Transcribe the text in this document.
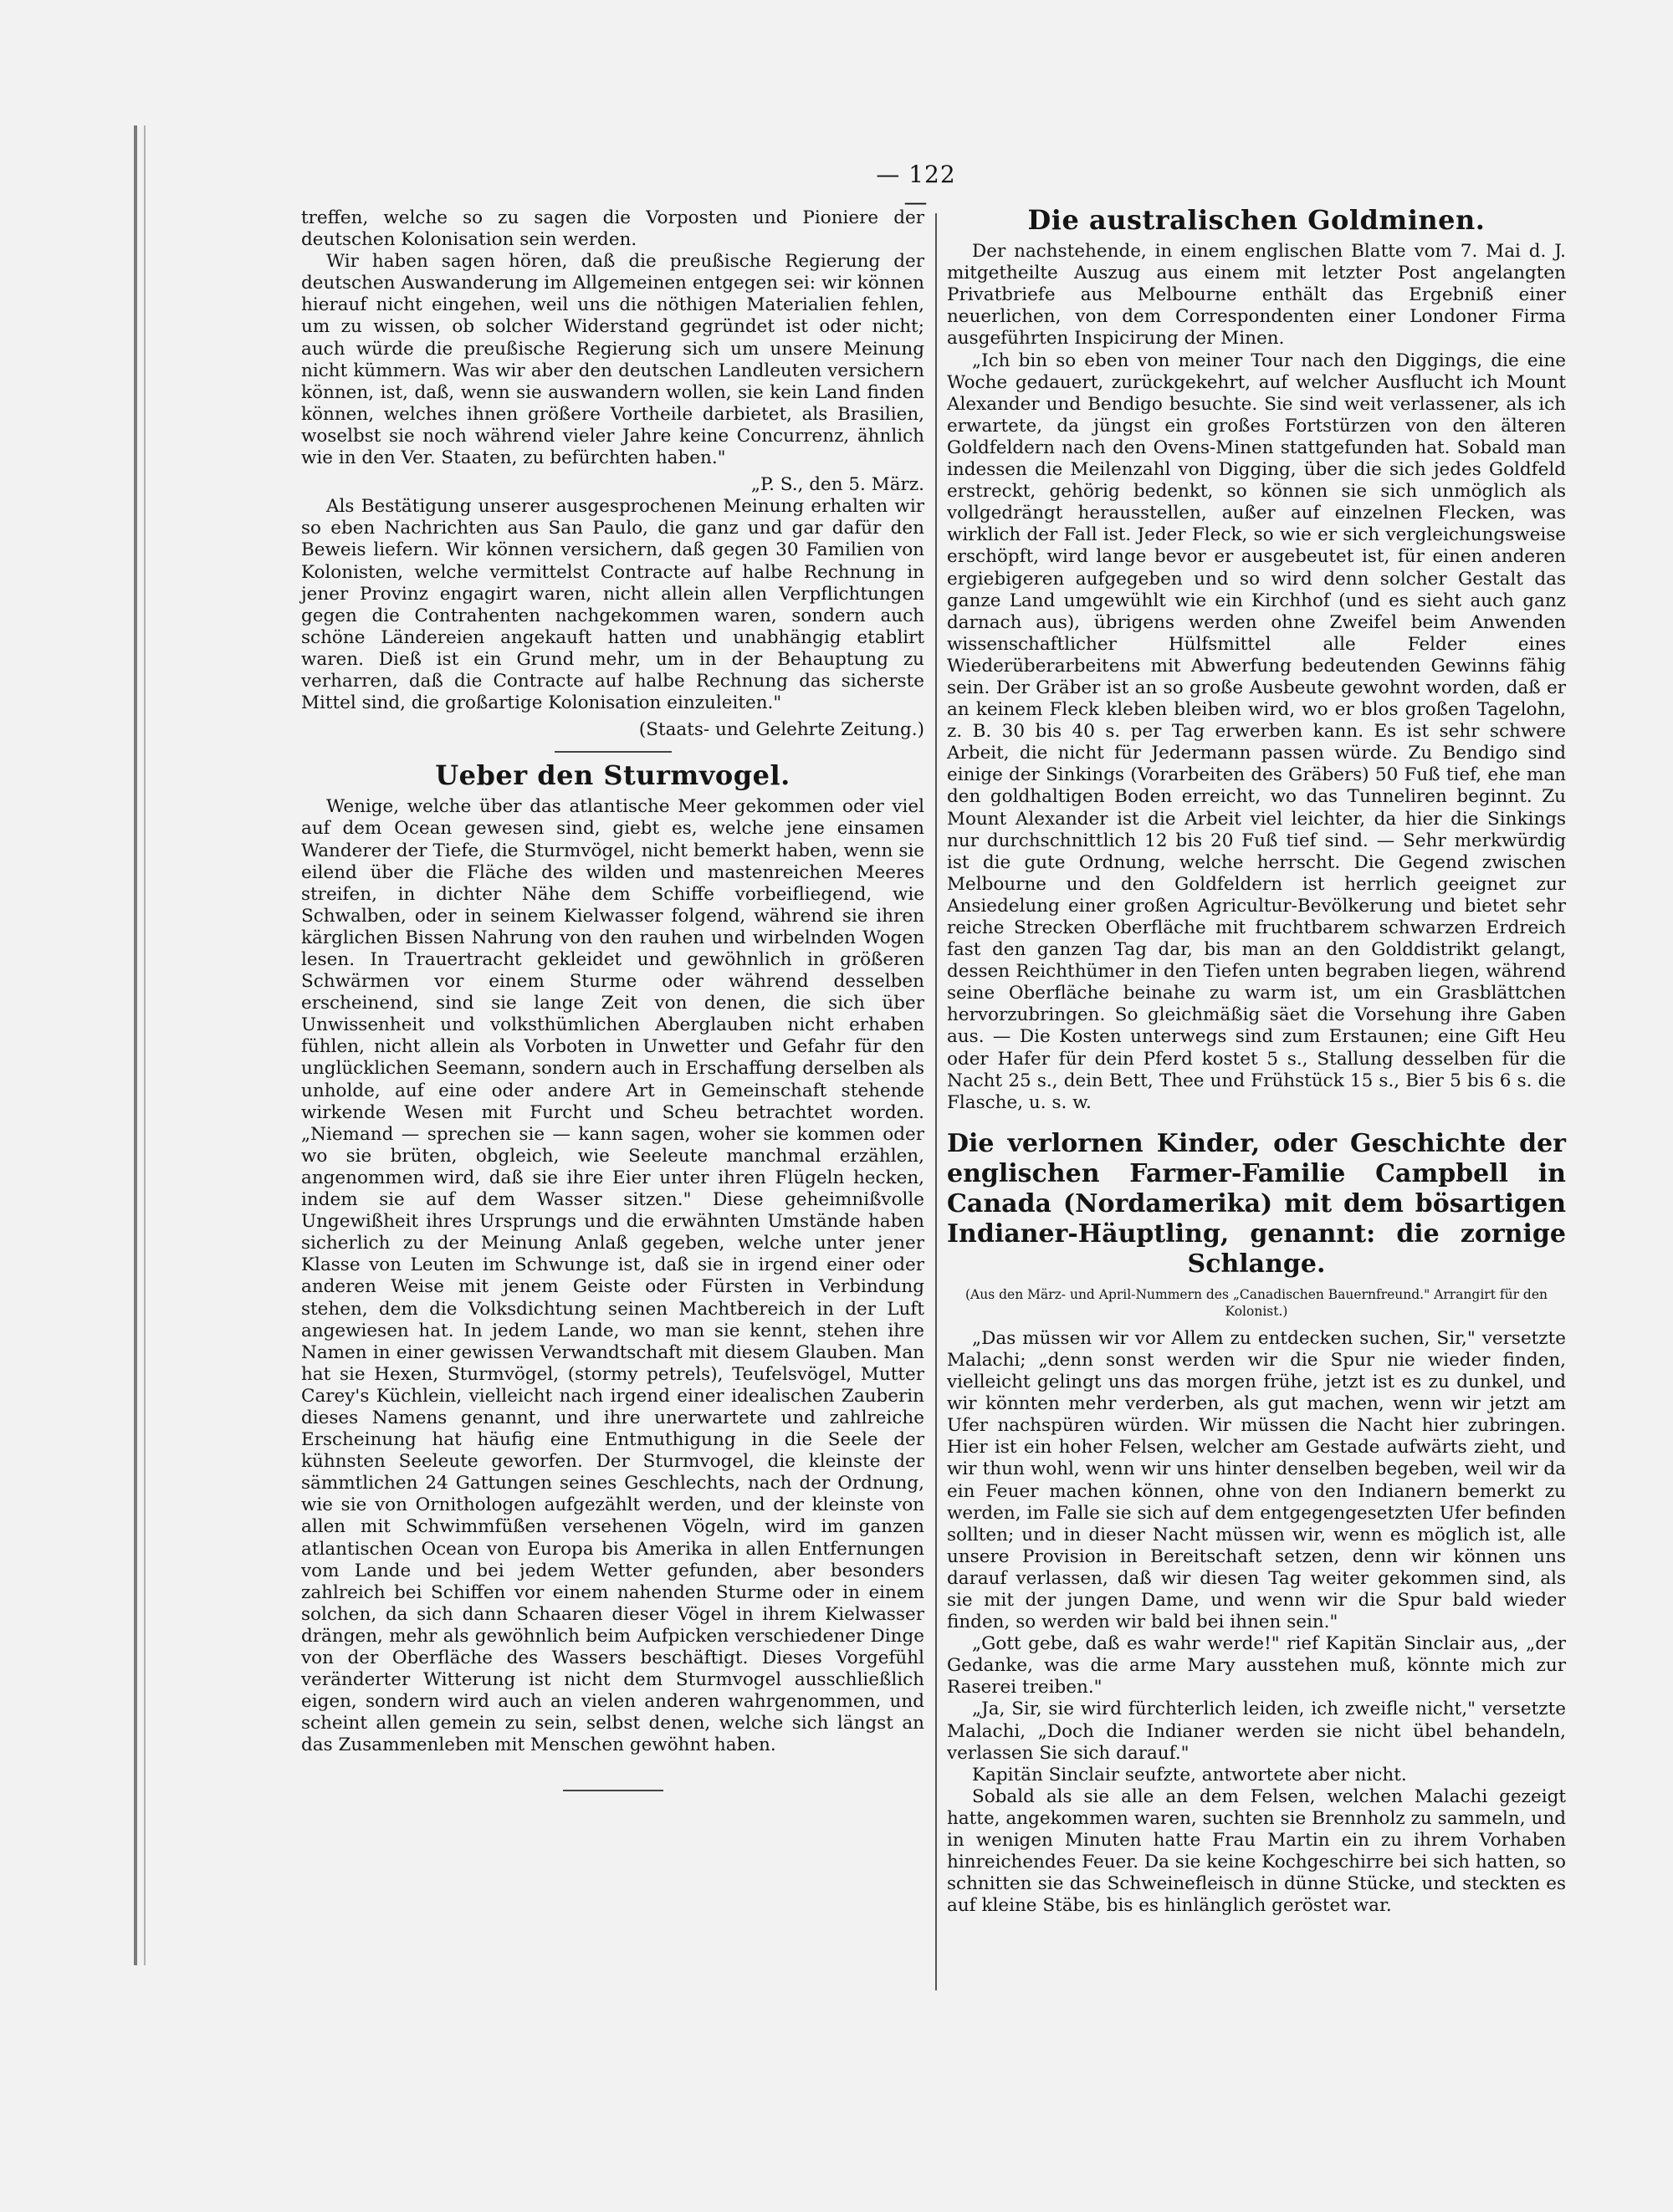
— 122 —

treffen, welche so zu sagen die Vorposten und Pioniere der deutschen Kolonisation sein werden.

Wir haben sagen hören, daß die preußische Regierung der deutschen Auswanderung im Allgemeinen entgegen sei: wir können hierauf nicht eingehen, weil uns die nöthigen Materialien fehlen, um zu wissen, ob solcher Widerstand gegründet ist oder nicht; auch würde die preußische Regierung sich um unsere Meinung nicht kümmern. Was wir aber den deutschen Landleuten versichern können, ist, daß, wenn sie auswandern wollen, sie kein Land finden können, welches ihnen größere Vortheile darbietet, als Brasilien, woselbst sie noch während vieler Jahre keine Concurrenz, ähnlich wie in den Ver. Staaten, zu befürchten haben."

„P. S., den 5. März.

Als Bestätigung unserer ausgesprochenen Meinung erhalten wir so eben Nachrichten aus San Paulo, die ganz und gar dafür den Beweis liefern. Wir können versichern, daß gegen 30 Familien von Kolonisten, welche vermittelst Contracte auf halbe Rechnung in jener Provinz engagirt waren, nicht allein allen Verpflichtungen gegen die Contrahenten nachgekommen waren, sondern auch schöne Ländereien angekauft hatten und unabhängig etablirt waren. Dieß ist ein Grund mehr, um in der Behauptung zu verharren, daß die Contracte auf halbe Rechnung das sicherste Mittel sind, die großartige Kolonisation einzuleiten."

(Staats- und Gelehrte Zeitung.)

Ueber den Sturmvogel.

Wenige, welche über das atlantische Meer gekommen oder viel auf dem Ocean gewesen sind, giebt es, welche jene einsamen Wanderer der Tiefe, die Sturmvögel, nicht bemerkt haben, wenn sie eilend über die Fläche des wilden und mastenreichen Meeres streifen, in dichter Nähe dem Schiffe vorbeifliegend, wie Schwalben, oder in seinem Kielwasser folgend, während sie ihren kärglichen Bissen Nahrung von den rauhen und wirbelnden Wogen lesen. In Trauertracht gekleidet und gewöhnlich in größeren Schwärmen vor einem Sturme oder während desselben erscheinend, sind sie lange Zeit von denen, die sich über Unwissenheit und volksthümlichen Aberglauben nicht erhaben fühlen, nicht allein als Vorboten in Unwetter und Gefahr für den unglücklichen Seemann, sondern auch in Erschaffung derselben als unholde, auf eine oder andere Art in Gemeinschaft stehende wirkende Wesen mit Furcht und Scheu betrachtet worden. „Niemand — sprechen sie — kann sagen, woher sie kommen oder wo sie brüten, obgleich, wie Seeleute manchmal erzählen, angenommen wird, daß sie ihre Eier unter ihren Flügeln hecken, indem sie auf dem Wasser sitzen." Diese geheimnißvolle Ungewißheit ihres Ursprungs und die erwähnten Umstände haben sicherlich zu der Meinung Anlaß gegeben, welche unter jener Klasse von Leuten im Schwunge ist, daß sie in irgend einer oder anderen Weise mit jenem Geiste oder Fürsten in Verbindung stehen, dem die Volksdichtung seinen Machtbereich in der Luft angewiesen hat. In jedem Lande, wo man sie kennt, stehen ihre Namen in einer gewissen Verwandtschaft mit diesem Glauben. Man hat sie Hexen, Sturmvögel, (stormy petrels), Teufelsvögel, Mutter Carey's Küchlein, vielleicht nach irgend einer idealischen Zauberin dieses Namens genannt, und ihre unerwartete und zahlreiche Erscheinung hat häufig eine Entmuthigung in die Seele der kühnsten Seeleute geworfen. Der Sturmvogel, die kleinste der sämmtlichen 24 Gattungen seines Geschlechts, nach der Ordnung, wie sie von Ornithologen aufgezählt werden, und der kleinste von allen mit Schwimmfüßen versehenen Vögeln, wird im ganzen atlantischen Ocean von Europa bis Amerika in allen Entfernungen vom Lande und bei jedem Wetter gefunden, aber besonders zahlreich bei Schiffen vor einem nahenden Sturme oder in einem solchen, da sich dann Schaaren dieser Vögel in ihrem Kielwasser drängen, mehr als gewöhnlich beim Aufpicken verschiedener Dinge von der Oberfläche des Wassers beschäftigt. Dieses Vorgefühl veränderter Witterung ist nicht dem Sturmvogel ausschließlich eigen, sondern wird auch an vielen anderen wahrgenommen, und scheint allen gemein zu sein, selbst denen, welche sich längst an das Zusammenleben mit Menschen gewöhnt haben.

Die australischen Goldminen.

Der nachstehende, in einem englischen Blatte vom 7. Mai d. J. mitgetheilte Auszug aus einem mit letzter Post angelangten Privatbriefe aus Melbourne enthält das Ergebniß einer neuerlichen, von dem Correspondenten einer Londoner Firma ausgeführten Inspicirung der Minen.

„Ich bin so eben von meiner Tour nach den Diggings, die eine Woche gedauert, zurückgekehrt, auf welcher Ausflucht ich Mount Alexander und Bendigo besuchte. Sie sind weit verlassener, als ich erwartete, da jüngst ein großes Fortstürzen von den älteren Goldfeldern nach den Ovens-Minen stattgefunden hat. Sobald man indessen die Meilenzahl von Digging, über die sich jedes Goldfeld erstreckt, gehörig bedenkt, so können sie sich unmöglich als vollgedrängt herausstellen, außer auf einzelnen Flecken, was wirklich der Fall ist. Jeder Fleck, so wie er sich vergleichungsweise erschöpft, wird lange bevor er ausgebeutet ist, für einen anderen ergiebigeren aufgegeben und so wird denn solcher Gestalt das ganze Land umgewühlt wie ein Kirchhof (und es sieht auch ganz darnach aus), übrigens werden ohne Zweifel beim Anwenden wissenschaftlicher Hülfsmittel alle Felder eines Wiederüberarbeitens mit Abwerfung bedeutenden Gewinns fähig sein. Der Gräber ist an so große Ausbeute gewohnt worden, daß er an keinem Fleck kleben bleiben wird, wo er blos großen Tagelohn, z. B. 30 bis 40 s. per Tag erwerben kann. Es ist sehr schwere Arbeit, die nicht für Jedermann passen würde. Zu Bendigo sind einige der Sinkings (Vorarbeiten des Gräbers) 50 Fuß tief, ehe man den goldhaltigen Boden erreicht, wo das Tunneliren beginnt. Zu Mount Alexander ist die Arbeit viel leichter, da hier die Sinkings nur durchschnittlich 12 bis 20 Fuß tief sind. — Sehr merkwürdig ist die gute Ordnung, welche herrscht. Die Gegend zwischen Melbourne und den Goldfeldern ist herrlich geeignet zur Ansiedelung einer großen Agricultur-Bevölkerung und bietet sehr reiche Strecken Oberfläche mit fruchtbarem schwarzen Erdreich fast den ganzen Tag dar, bis man an den Golddistrikt gelangt, dessen Reichthümer in den Tiefen unten begraben liegen, während seine Oberfläche beinahe zu warm ist, um ein Grasblättchen hervorzubringen. So gleichmäßig säet die Vorsehung ihre Gaben aus. — Die Kosten unterwegs sind zum Erstaunen; eine Gift Heu oder Hafer für dein Pferd kostet 5 s., Stallung desselben für die Nacht 25 s., dein Bett, Thee und Frühstück 15 s., Bier 5 bis 6 s. die Flasche, u. s. w.

Die verlornen Kinder, oder Geschichte der englischen Farmer-Familie Campbell in Canada (Nordamerika) mit dem bösartigen Indianer-Häuptling, genannt: die zornige Schlange.
(Aus den März- und April-Nummern des „Canadischen Bauernfreund." Arrangirt für den Kolonist.)

„Das müssen wir vor Allem zu entdecken suchen, Sir," versetzte Malachi; „denn sonst werden wir die Spur nie wieder finden, vielleicht gelingt uns das morgen frühe, jetzt ist es zu dunkel, und wir könnten mehr verderben, als gut machen, wenn wir jetzt am Ufer nachspüren würden. Wir müssen die Nacht hier zubringen. Hier ist ein hoher Felsen, welcher am Gestade aufwärts zieht, und wir thun wohl, wenn wir uns hinter denselben begeben, weil wir da ein Feuer machen können, ohne von den Indianern bemerkt zu werden, im Falle sie sich auf dem entgegengesetzten Ufer befinden sollten; und in dieser Nacht müssen wir, wenn es möglich ist, alle unsere Provision in Bereitschaft setzen, denn wir können uns darauf verlassen, daß wir diesen Tag weiter gekommen sind, als sie mit der jungen Dame, und wenn wir die Spur bald wieder finden, so werden wir bald bei ihnen sein."

„Gott gebe, daß es wahr werde!" rief Kapitän Sinclair aus, „der Gedanke, was die arme Mary ausstehen muß, könnte mich zur Raserei treiben."

„Ja, Sir, sie wird fürchterlich leiden, ich zweifle nicht," versetzte Malachi, „Doch die Indianer werden sie nicht übel behandeln, verlassen Sie sich darauf."

Kapitän Sinclair seufzte, antwortete aber nicht.

Sobald als sie alle an dem Felsen, welchen Malachi gezeigt hatte, angekommen waren, suchten sie Brennholz zu sammeln, und in wenigen Minuten hatte Frau Martin ein zu ihrem Vorhaben hinreichendes Feuer. Da sie keine Kochgeschirre bei sich hatten, so schnitten sie das Schweinefleisch in dünne Stücke, und steckten es auf kleine Stäbe, bis es hinlänglich geröstet war.
